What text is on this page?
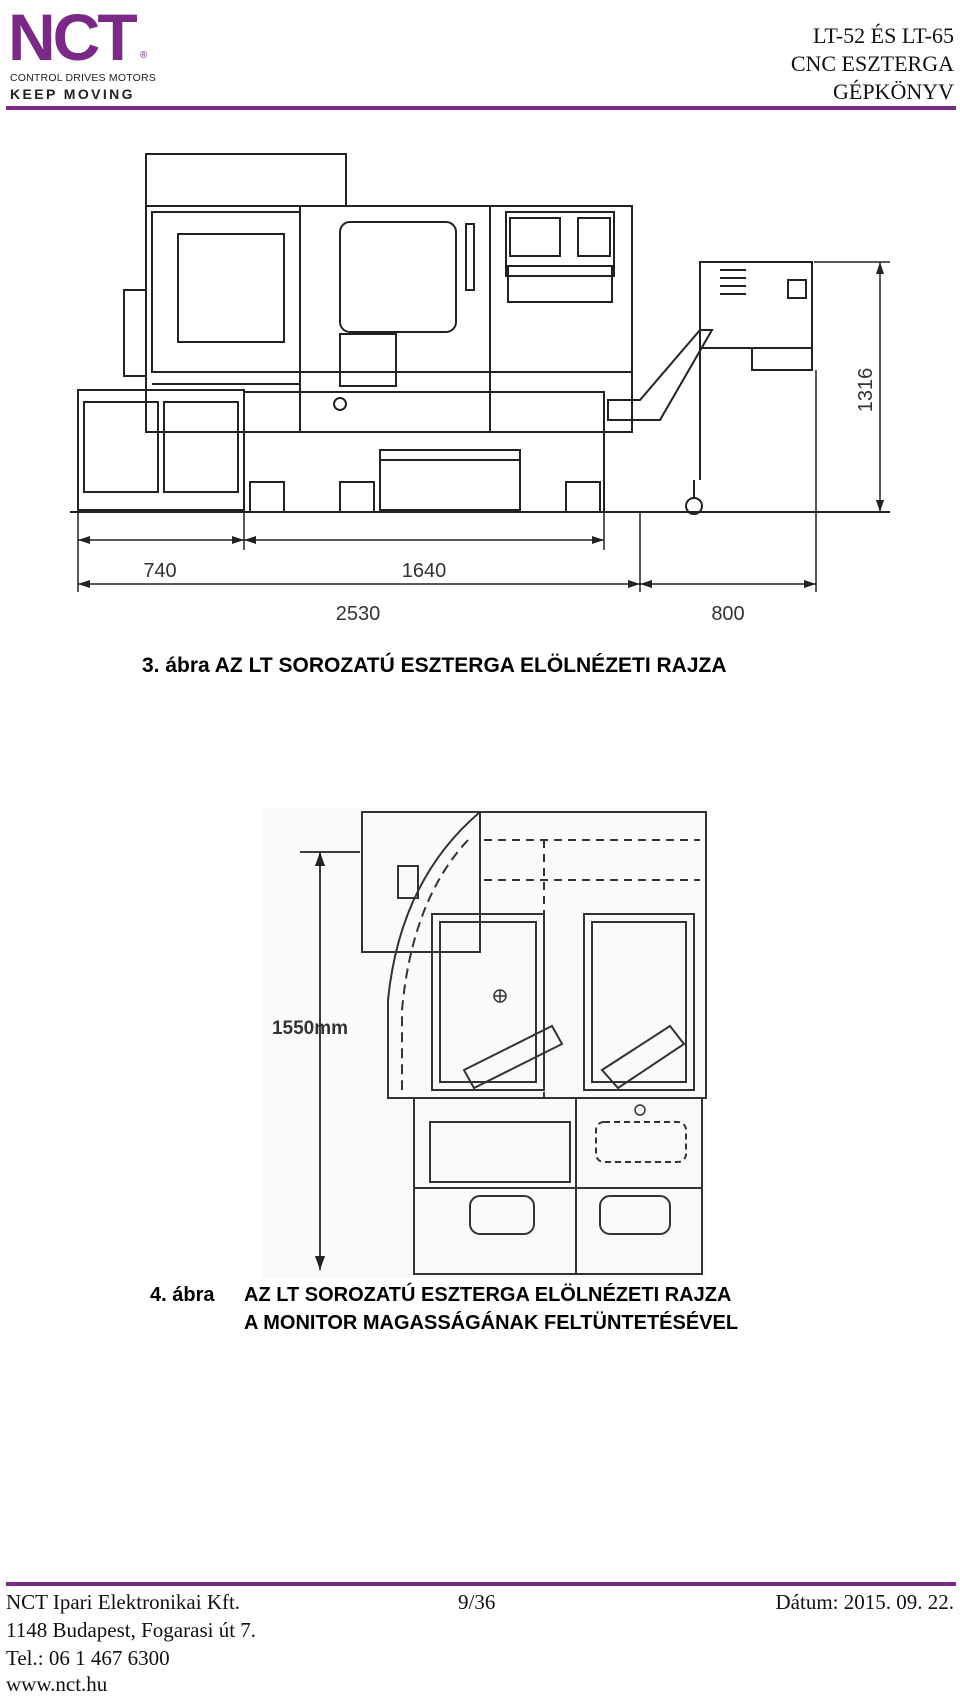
NCT ®
CONTROL DRIVES MOTORS
KEEP MOVING
LT-52 ÉS LT-65
CNC ESZTERGA
GÉPKÖNYV
740	1640
2530	800
1316
3. ábra AZ LT SOROZATÚ ESZTERGA ELÖLNÉZETI RAJZA
1550mm
4. ábra AZ LT SOROZATÚ ESZTERGA ELÖLNÉZETI RAJZA
A MONITOR MAGASSÁGÁNAK FELTÜNTETÉSÉVEL
NCT Ipari Elektronikai Kft.	9/36	Dátum: 2015. 09. 22.
1148 Budapest, Fogarasi út 7.
Tel.: 06 1 467 6300
www.nct.hu
